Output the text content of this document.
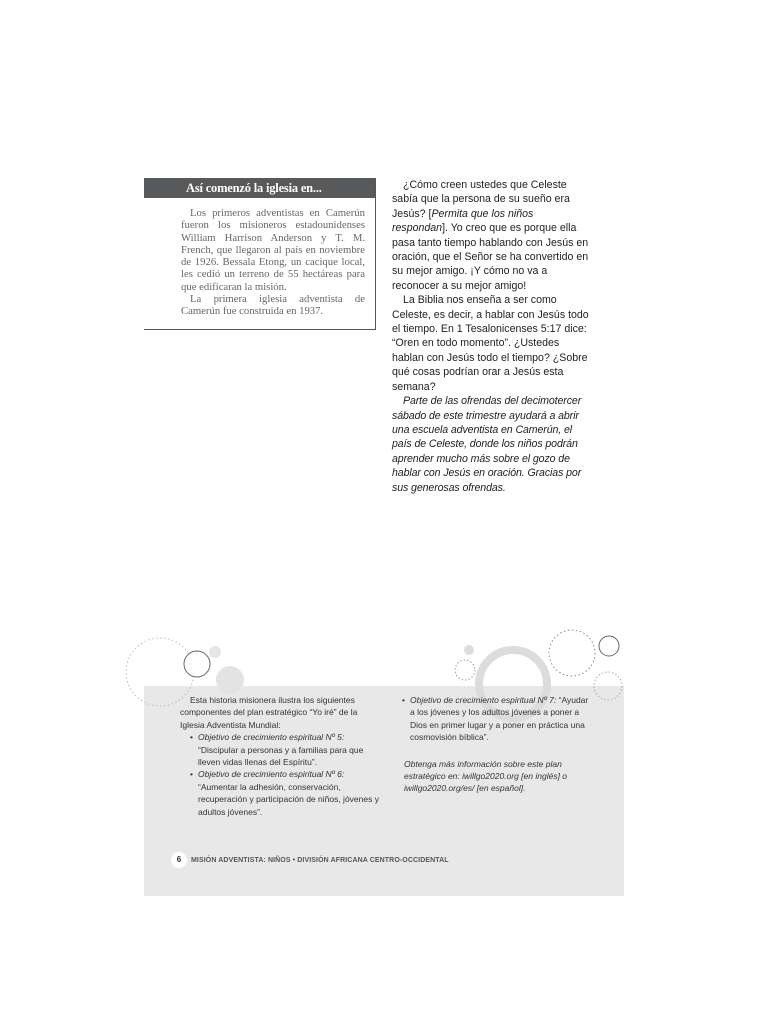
Así comenzó la iglesia en...

Los primeros adventistas en Camerún fueron los misioneros estadounidenses William Harrison Anderson y T. M. French, que llegaron al país en noviembre de 1926. Bessala Etong, un cacique local, les cedió un terreno de 55 hectáreas para que edificaran la misión.

La primera iglesia adventista de Camerún fue construida en 1937.

¿Cómo creen ustedes que Celeste sabía que la persona de su sueño era Jesús? [Permita que los niños respondan]. Yo creo que es porque ella pasa tanto tiempo hablando con Jesús en oración, que el Señor se ha convertido en su mejor amigo. ¡Y cómo no va a reconocer a su mejor amigo!

La Biblia nos enseña a ser como Celeste, es decir, a hablar con Jesús todo el tiempo. En 1 Tesalonicenses 5:17 dice: “Oren en todo momento”. ¿Ustedes hablan con Jesús todo el tiempo? ¿Sobre qué cosas podrían orar a Jesús esta semana?

Parte de las ofrendas del decimotercer sábado de este trimestre ayudará a abrir una escuela adventista en Camerún, el país de Celeste, donde los niños podrán aprender mucho más sobre el gozo de hablar con Jesús en oración. Gracias por sus generosas ofrendas.

Esta historia misionera ilustra los siguientes componentes del plan estratégico “Yo iré” de la Iglesia Adventista Mundial:

• Objetivo de crecimiento espiritual Nº 5: “Discipular a personas y a familias para que lleven vidas llenas del Espíritu”.
• Objetivo de crecimiento espiritual Nº 6: “Aumentar la adhesión, conservación, recuperación y participación de niños, jóvenes y adultos jóvenes”.
• Objetivo de crecimiento espiritual Nº 7: “Ayudar a los jóvenes y los adultos jóvenes a poner a Dios en primer lugar y a poner en práctica una cosmovisión bíblica”.

Obtenga más información sobre este plan estratégico en: iwillgo2020.org [en inglés] o iwillgo2020.org/es/ [en español].

6 MISIÓN ADVENTISTA: NIÑOS • DIVISIÓN AFRICANA CENTRO-OCCIDENTAL
